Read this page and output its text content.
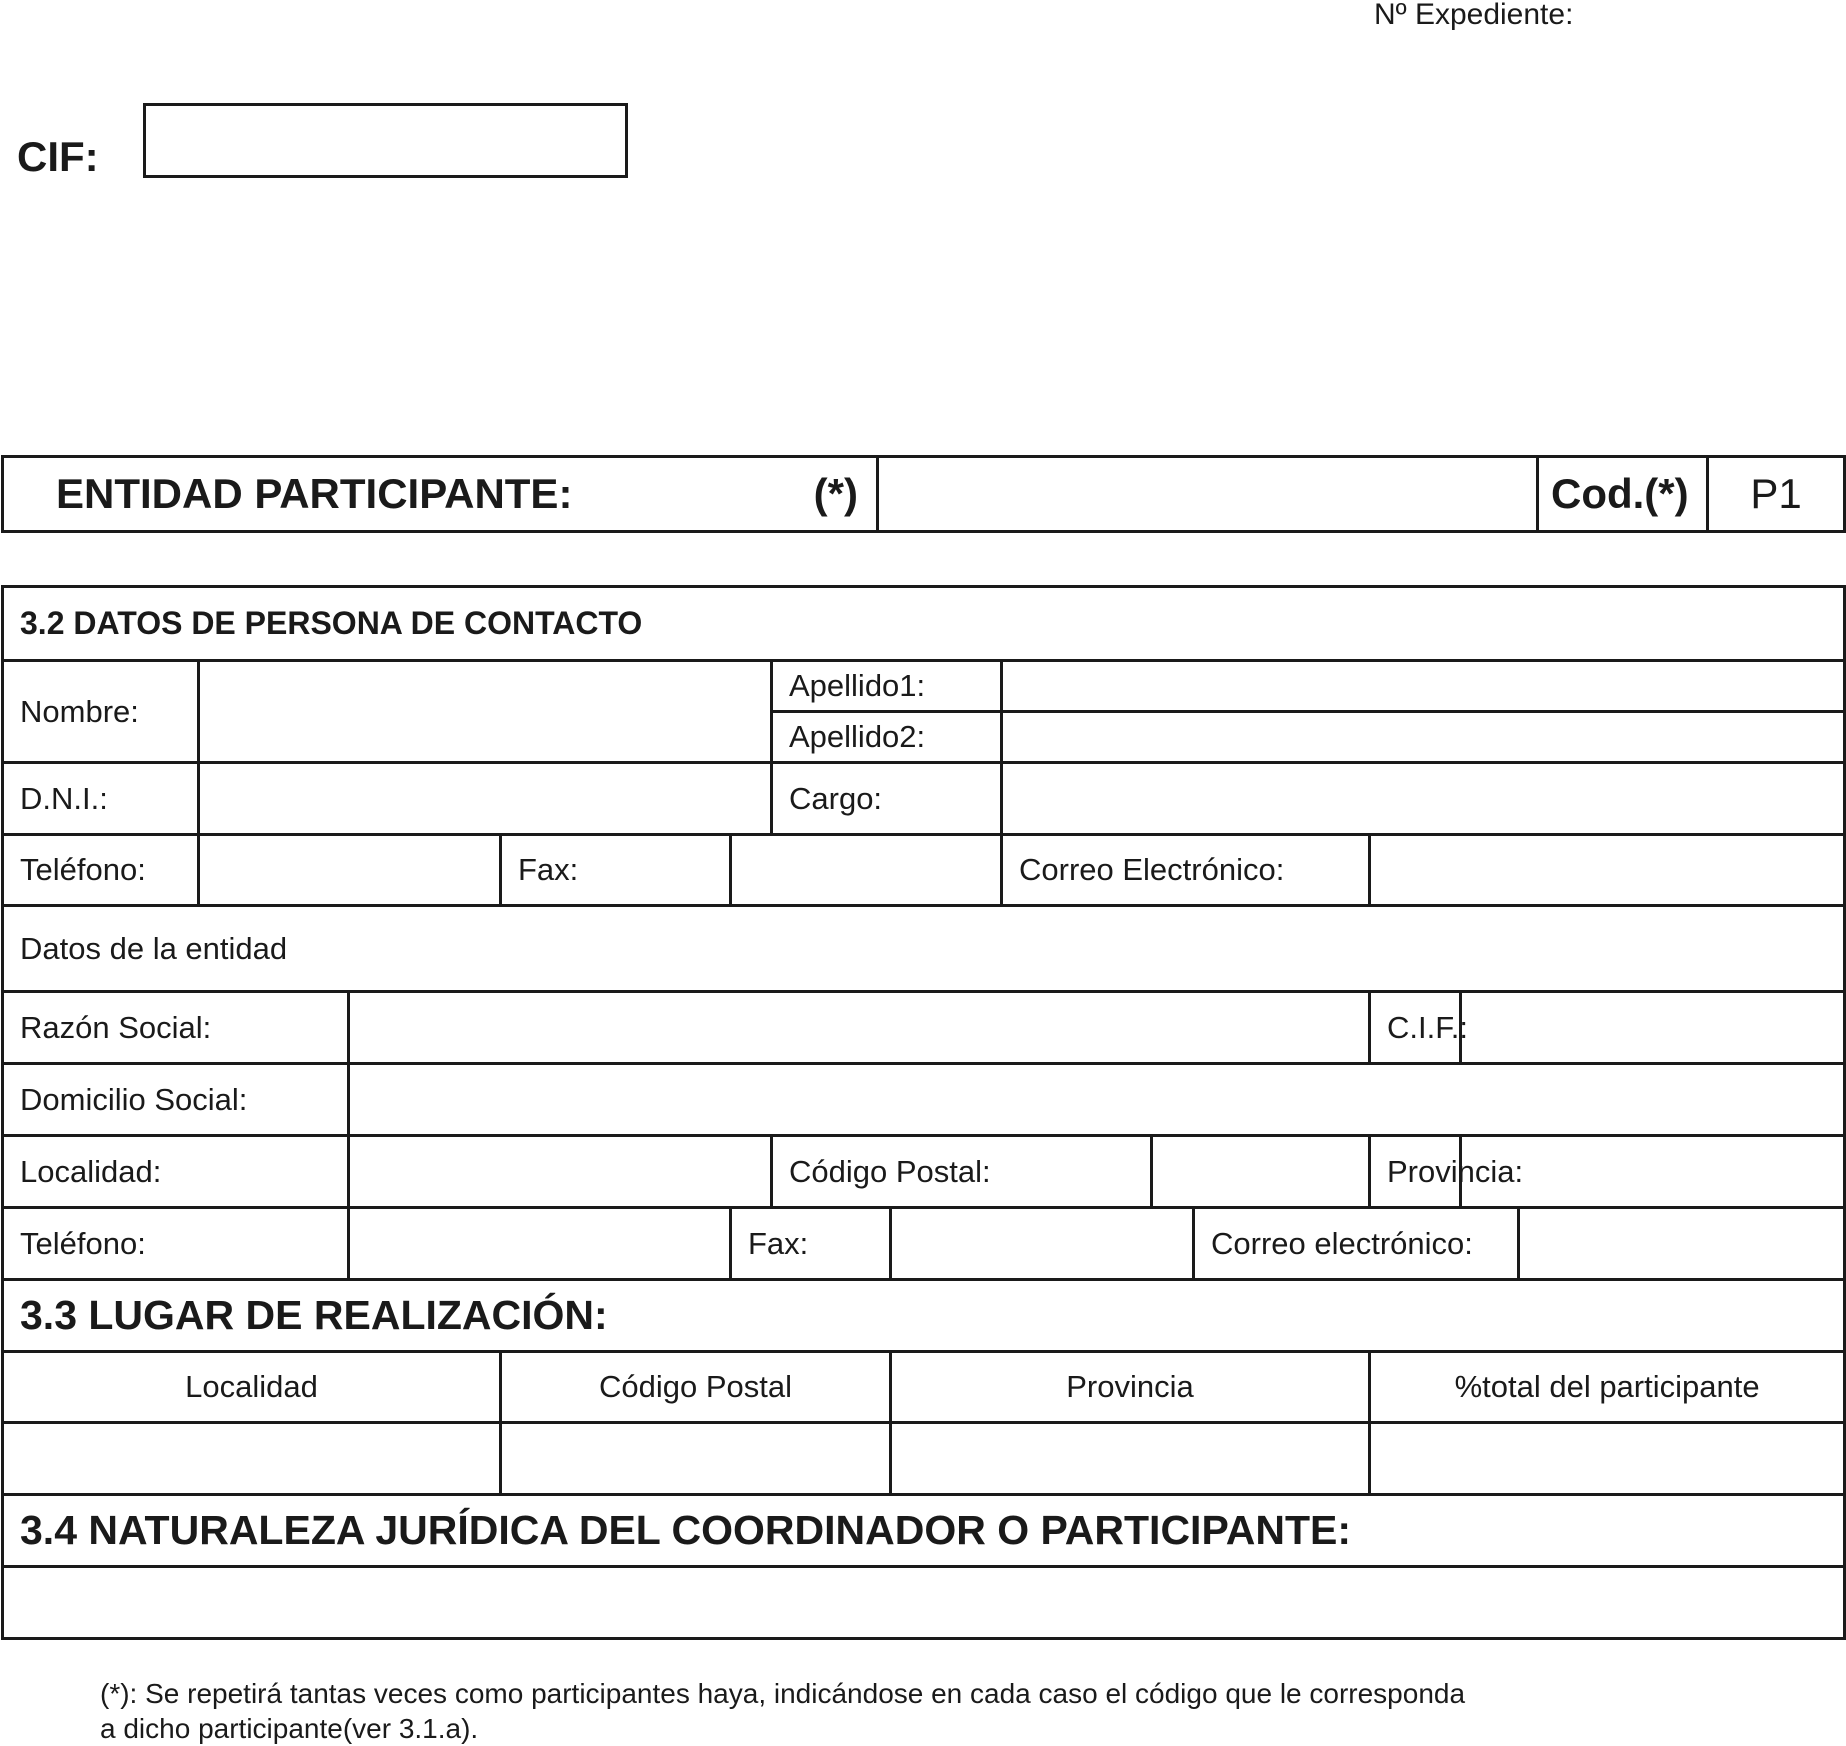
Nº Expediente:
CIF:
ENTIDAD PARTICIPANTE:	(*)		Cod.(*)	P1
3.2 DATOS DE PERSONA DE CONTACTO												
Nombre:					Apellido1:							
					Apellido2:							
D.N.I.:					Cargo:							
Teléfono:			Fax:				Correo Electrónico:					
Datos de la entidad												
Razón Social:										C.I.F.:		
Domicilio Social:												
Localidad:					Código Postal:					Provincia:		
Teléfono:				Fax:					Correo electrónico:			
3.3 LUGAR DE REALIZACIÓN:												
Localidad			Código Postal			Provincia				%total del participante		

3.4 NATURALEZA JURÍDICA DEL COORDINADOR O PARTICIPANTE:												

(*): Se repetirá tantas veces como participantes haya, indicándose en cada caso el código que le corresponda
a dicho participante(ver 3.1.a).
